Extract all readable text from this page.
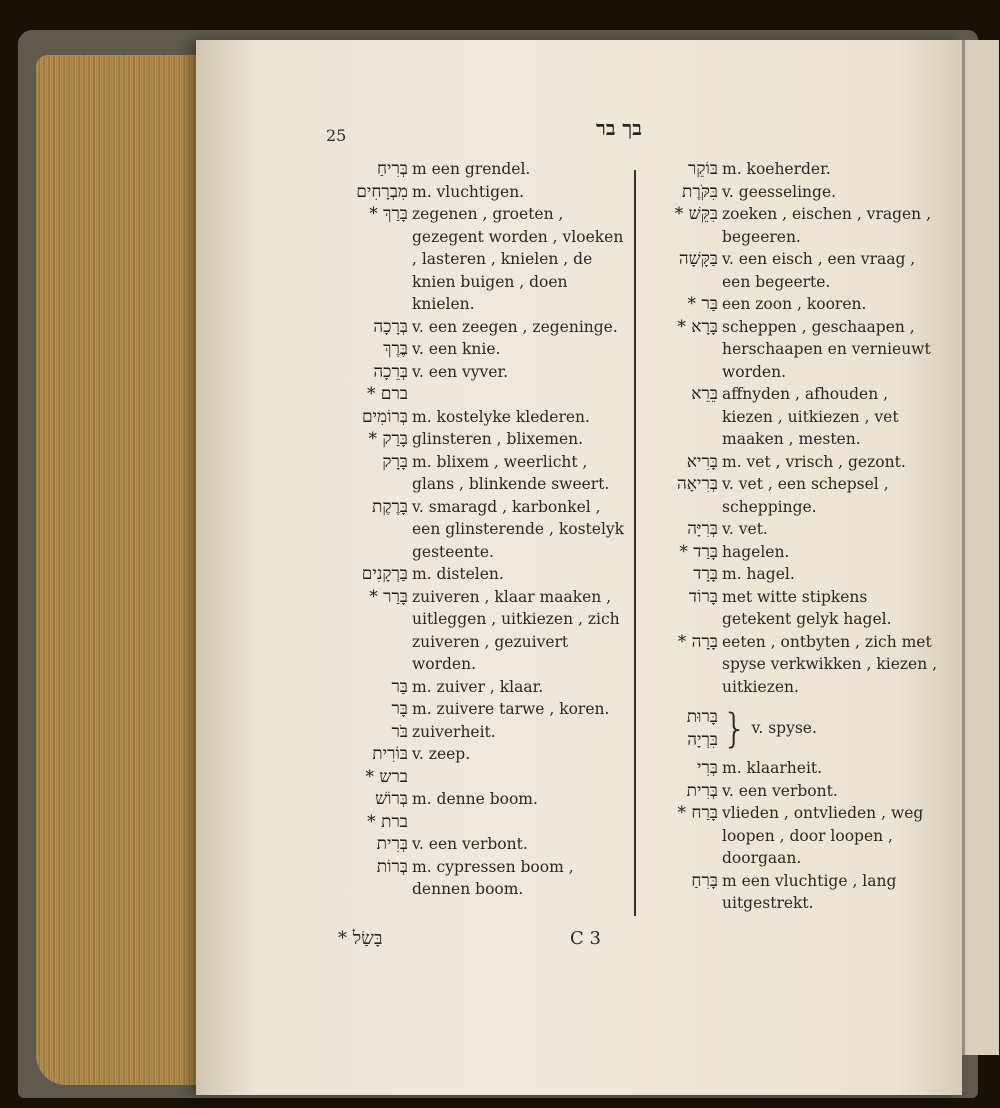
25	בך בר
בְּרִיחַ m een grendel.
מִבְרָחִים m. vluchtigen.
בָּרַךְ * zegenen , groeten , gezegent worden , vloeken , lasteren , knielen , de knien buigen , doen knielen.
בְּרָכָה v. een zeegen , zegeninge.
בֶּרֶךְ v. een knie.
בְּרֵכָה v. een vyver.
ברם *
בְּרוֹמִים m. kostelyke klederen.
בָּרַק * glinsteren , blixemen.
בָּרָק m. blixem , weerlicht , glans , blinkende sweert.
בָּרֶקֶת v. smaragd , karbonkel , een glinsterende , kostelyk gesteente.
בַּרְקָנִים m. distelen.
בָּרַר * zuiveren , klaar maaken , uitleggen , uitkiezen , zich zuiveren , gezuivert worden.
בַּר m. zuiver , klaar.
בָּר m. zuivere tarwe , koren.
בֹּר zuiverheit.
בּוֹרִית v. zeep.
ברש *
בְּרוֹשׁ m. denne boom.
ברת *
בְּרִית v. een verbont.
בְּרוֹת m. cypressen boom , dennen boom.
בּוֹקֵר m. koeherder.
בִּקֹּרֶת v. geesselinge.
בִּקֵּשׁ * zoeken , eischen , vragen , begeeren.
בַּקָּשָׁה v. een eisch , een vraag , een begeerte.
בַּר * een zoon , kooren.
בָּרָא * scheppen , geschaapen , herschaapen en vernieuwt worden.
בֵּרֵא affnyden , afhouden , kiezen , uitkiezen , vet maaken , mesten.
בָּרִיא m. vet , vrisch , gezont.
בְּרִיאָה v. vet , een schepsel , scheppinge.
בְּרִיָּה v. vet.
בָּרַד * hagelen.
בָּרָד m. hagel.
בָּרוֹד met witte stipkens getekent gelyk hagel.
בָּרָה * eeten , ontbyten , zich met spyse verkwikken , kiezen , uitkiezen.
בָּרוּת
בִּרְיָה } v. spyse.
בְּרִי m. klaarheit.
בְּרִית v. een verbont.
בָּרַח * vlieden , ontvlieden , weg loopen , door loopen , doorgaan.
בָּרִחַ m een vluchtige , lang uitgestrekt.
בָּשַׂל *	C 3
